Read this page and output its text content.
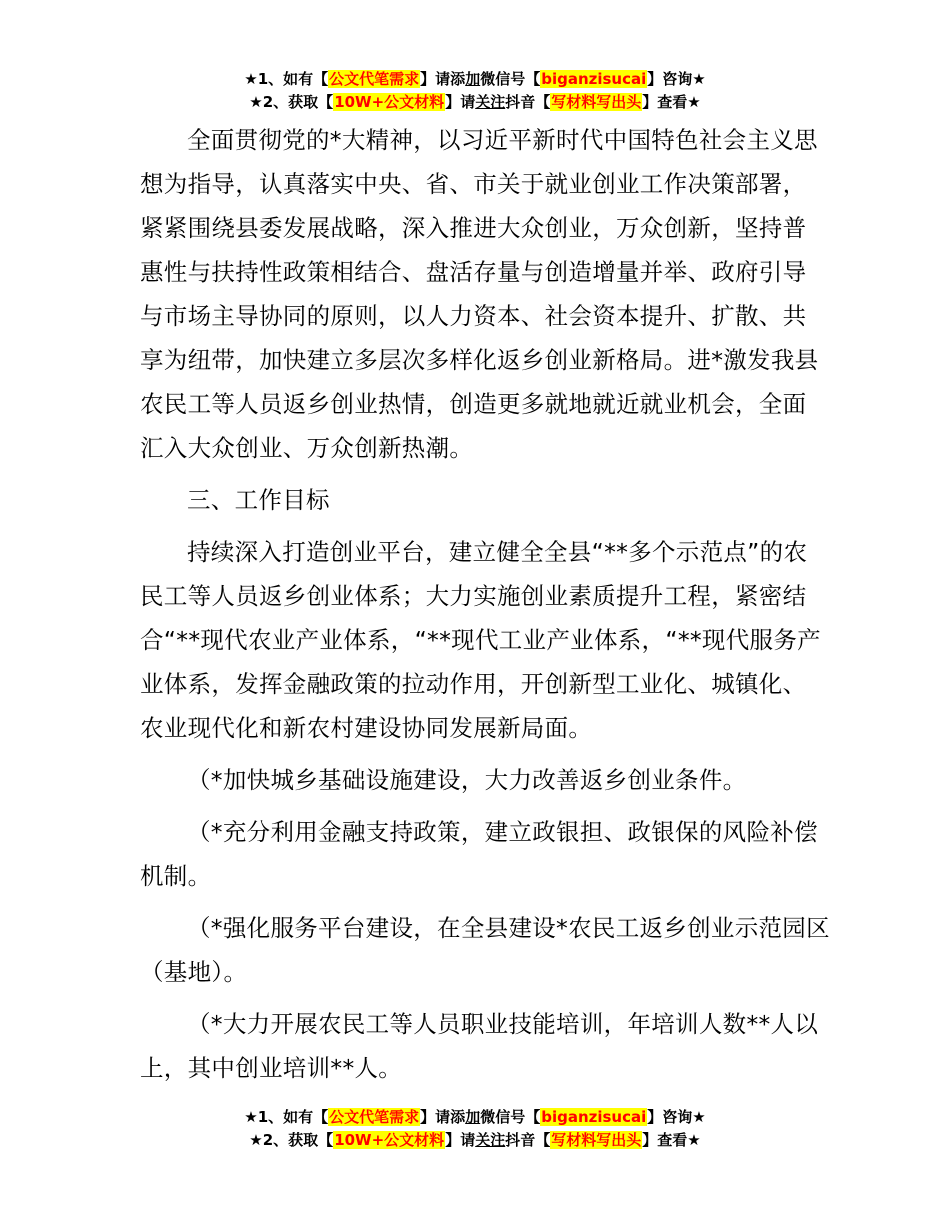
★1、如有【公文代笔需求】请添加微信号【biganzisucai】咨询★
★2、获取【10W+公文材料】请关注抖音【写材料写出头】查看★

全面贯彻党的*大精神，以习近平新时代中国特色社会主义思想为指导，认真落实中央、省、市关于就业创业工作决策部署，紧紧围绕县委发展战略，深入推进大众创业，万众创新，坚持普惠性与扶持性政策相结合、盘活存量与创造增量并举、政府引导与市场主导协同的原则，以人力资本、社会资本提升、扩散、共享为纽带，加快建立多层次多样化返乡创业新格局。进*激发我县农民工等人员返乡创业热情，创造更多就地就近就业机会，全面汇入大众创业、万众创新热潮。

三、工作目标

持续深入打造创业平台，建立健全全县“**多个示范点”的农民工等人员返乡创业体系；大力实施创业素质提升工程，紧密结合“**现代农业产业体系，“**现代工业产业体系，“**现代服务产业体系，发挥金融政策的拉动作用，开创新型工业化、城镇化、农业现代化和新农村建设协同发展新局面。

（*加快城乡基础设施建设，大力改善返乡创业条件。

（*充分利用金融支持政策，建立政银担、政银保的风险补偿机制。

（*强化服务平台建设，在全县建设*农民工返乡创业示范园区（基地）。

（*大力开展农民工等人员职业技能培训，年培训人数**人以上，其中创业培训**人。

★1、如有【公文代笔需求】请添加微信号【biganzisucai】咨询★
★2、获取【10W+公文材料】请关注抖音【写材料写出头】查看★
